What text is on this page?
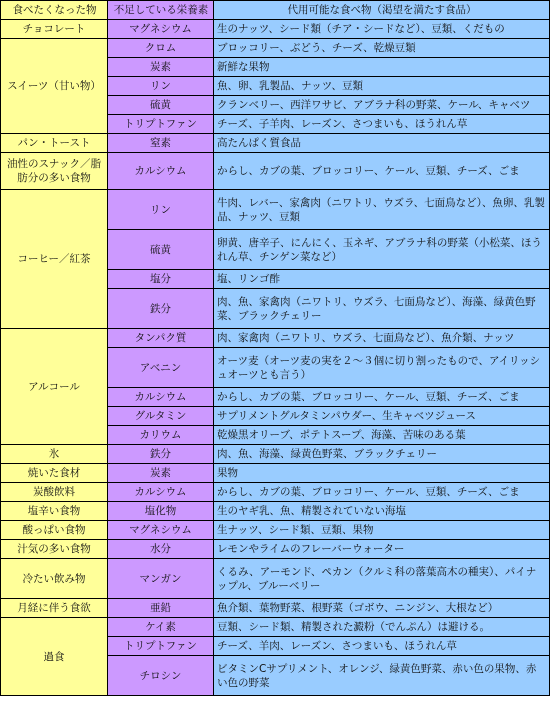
食べたくなった物	不足している栄養素	代用可能な食べ物（渇望を満たす食品）
チョコレート	マグネシウム	生のナッツ、シード類（チア・シードなど）、豆類、くだもの
スイーツ（甘い物）	クロム	ブロッコリー、ぶどう、チーズ、乾燥豆類
	炭素	新鮮な果物
	リン	魚、卵、乳製品、ナッツ、豆類
	硫黄	クランベリー、西洋ワサビ、アブラナ科の野菜、ケール、キャベツ
	トリプトファン	チーズ、子羊肉、レーズン、さつまいも、ほうれん草
パン・トースト	窒素	高たんぱく質食品
油性のスナック／脂肪分の多い食物	カルシウム	からし、カブの葉、ブロッコリー、ケール、豆類、チーズ、ごま
コーヒー／紅茶	リン	牛肉、レバー、家禽肉（ニワトリ、ウズラ、七面鳥など）、魚卵、乳製品、ナッツ、豆類
	硫黄	卵黄、唐辛子、にんにく、玉ネギ、アブラナ科の野菜（小松菜、ほうれん草、チンゲン菜など）
	塩分	塩、リンゴ酢
	鉄分	肉、魚、家禽肉（ニワトリ、ウズラ、七面鳥など）、海藻、緑黄色野菜、ブラックチェリー
アルコール	タンパク質	肉、家禽肉（ニワトリ、ウズラ、七面鳥など）、魚介類、ナッツ
	アベニン	オーツ麦（オーツ麦の実を２～３個に切り割ったもので、アイリッシュオーツとも言う）
	カルシウム	からし、カブの葉、ブロッコリー、ケール、豆類、チーズ、ごま
	グルタミン	サプリメントグルタミンパウダー、生キャベツジュース
	カリウム	乾燥黒オリーブ、ポテトスープ、海藻、苦味のある葉
氷	鉄分	肉、魚、海藻、緑黄色野菜、ブラックチェリー
焼いた食材	炭素	果物
炭酸飲料	カルシウム	からし、カブの葉、ブロッコリー、ケール、豆類、チーズ、ごま
塩辛い食物	塩化物	生のヤギ乳、魚、精製されていない海塩
酸っぱい食物	マグネシウム	生ナッツ、シード類、豆類、果物
汁気の多い食物	水分	レモンやライムのフレーバーウォーター
冷たい飲み物	マンガン	くるみ、アーモンド、ペカン（クルミ科の落葉高木の種実）、パイナップル、ブルーベリー
月経に伴う食欲	亜鉛	魚介類、葉物野菜、根野菜（ゴボウ、ニンジン、大根など）
過食	ケイ素	豆類、シード類、精製された澱粉（でんぷん）は避ける。
	トリプトファン	チーズ、羊肉、レーズン、さつまいも、ほうれん草
	チロシン	ビタミンCサプリメント、オレンジ、緑黄色野菜、赤い色の果物、赤い色の野菜
